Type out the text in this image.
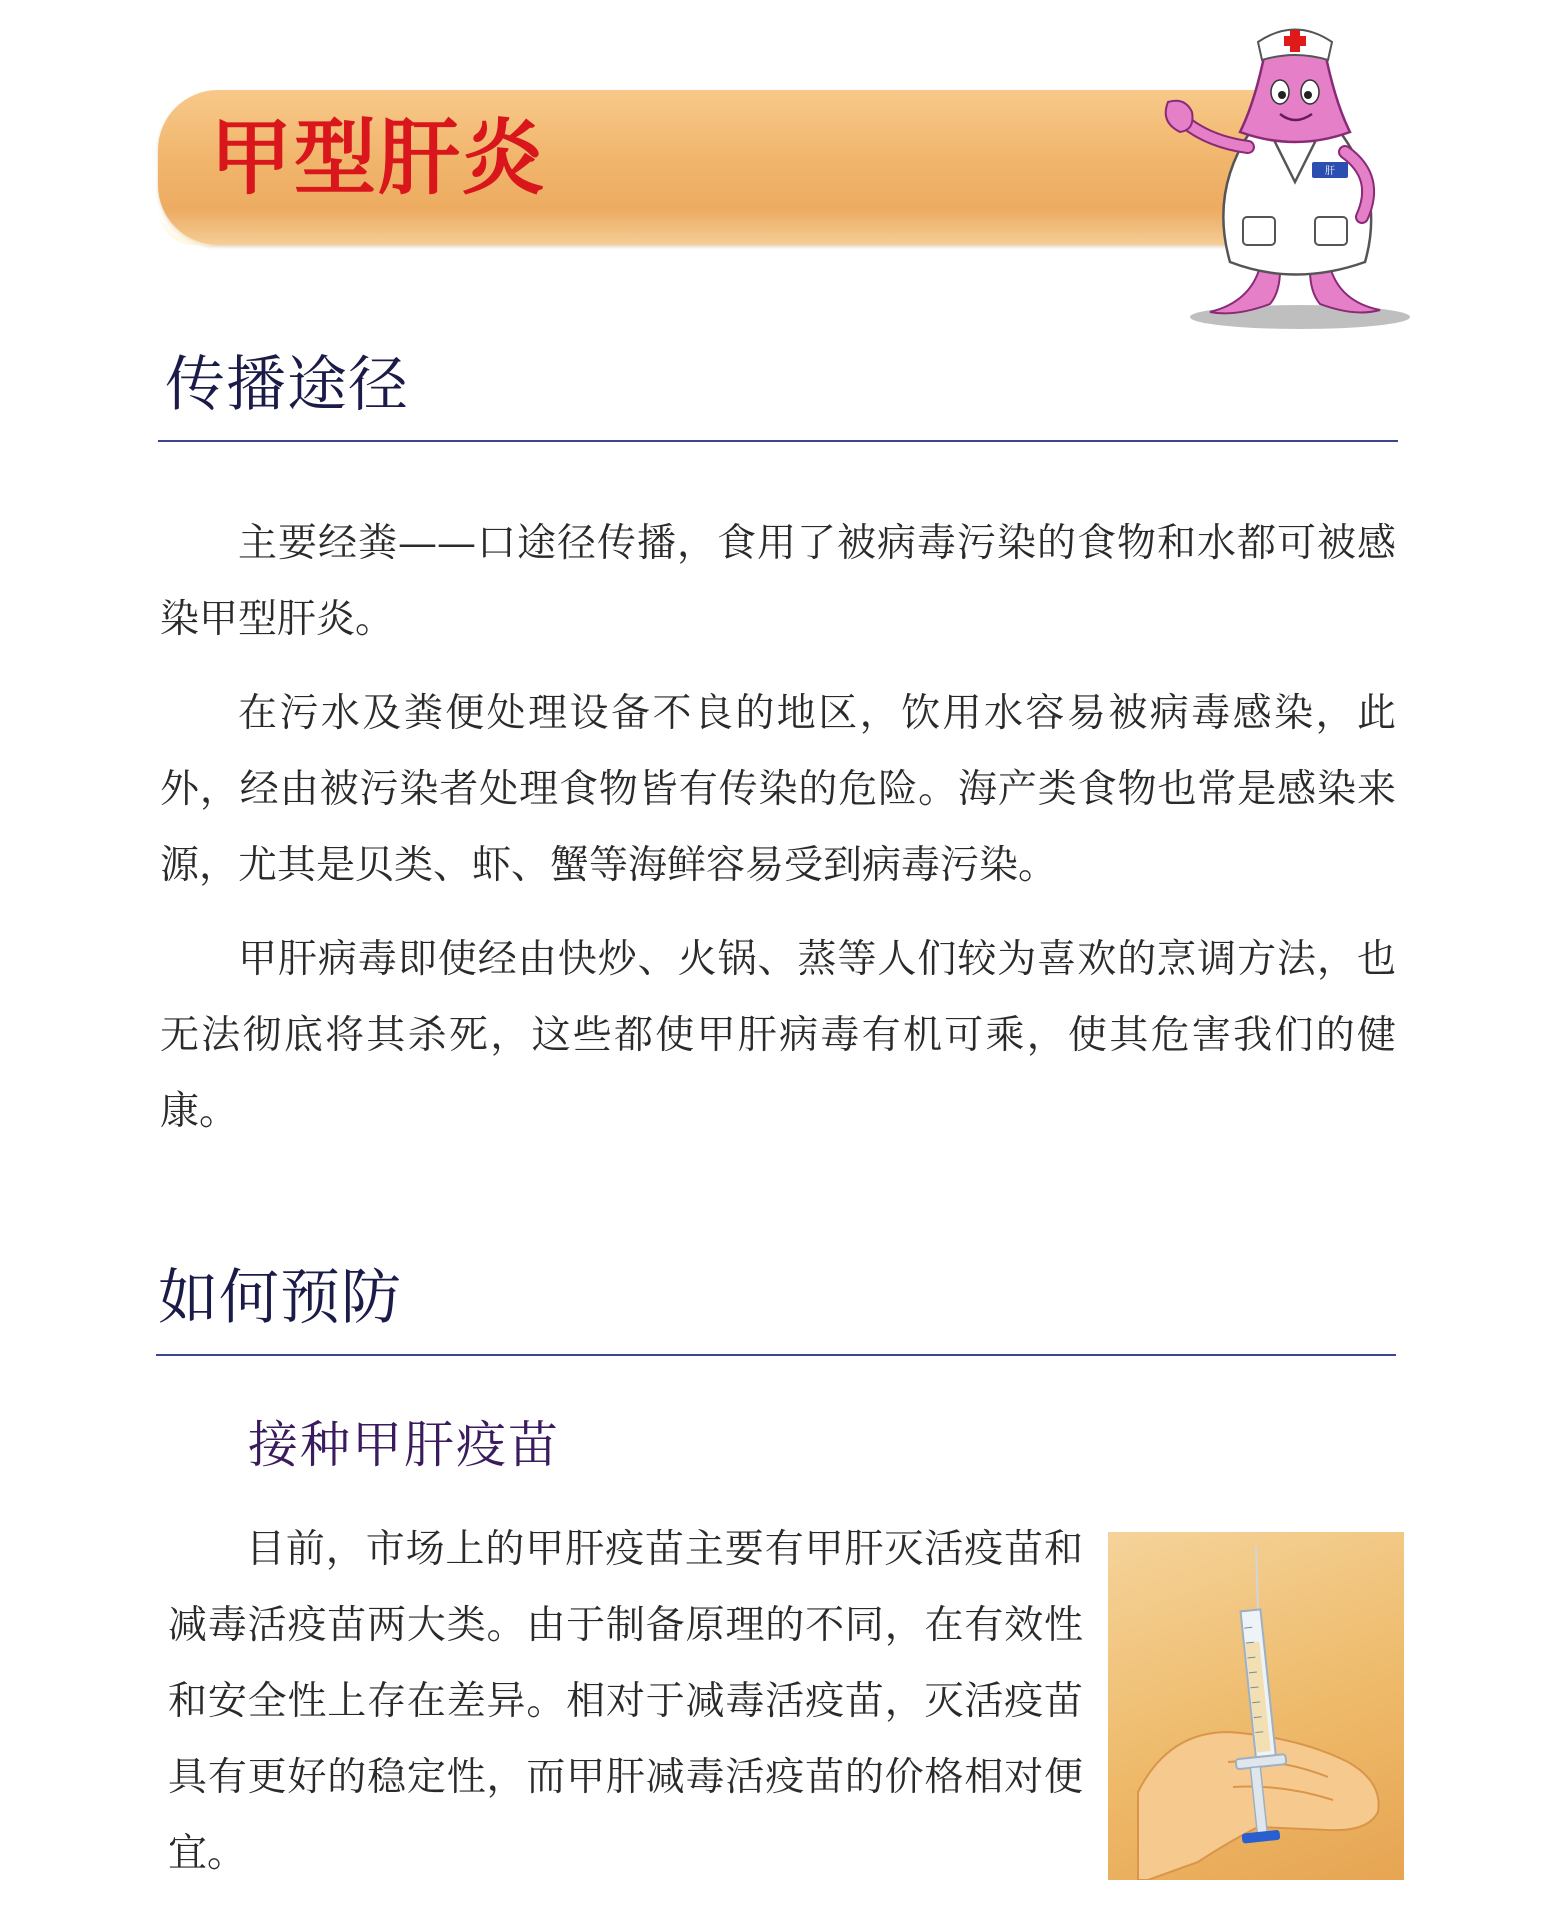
甲型肝炎	肝
传播途径
主要经粪——口途径传播，食用了被病毒污染的食物和水都可被感染甲型肝炎。
在污水及粪便处理设备不良的地区，饮用水容易被病毒感染，此外，经由被污染者处理食物皆有传染的危险。海产类食物也常是感染来源，尤其是贝类、虾、蟹等海鲜容易受到病毒污染。
甲肝病毒即使经由快炒、火锅、蒸等人们较为喜欢的烹调方法，也无法彻底将其杀死，这些都使甲肝病毒有机可乘，使其危害我们的健康。
如何预防
接种甲肝疫苗
目前，市场上的甲肝疫苗主要有甲肝灭活疫苗和减毒活疫苗两大类。由于制备原理的不同，在有效性和安全性上存在差异。相对于减毒活疫苗，灭活疫苗具有更好的稳定性，而甲肝减毒活疫苗的价格相对便宜。
